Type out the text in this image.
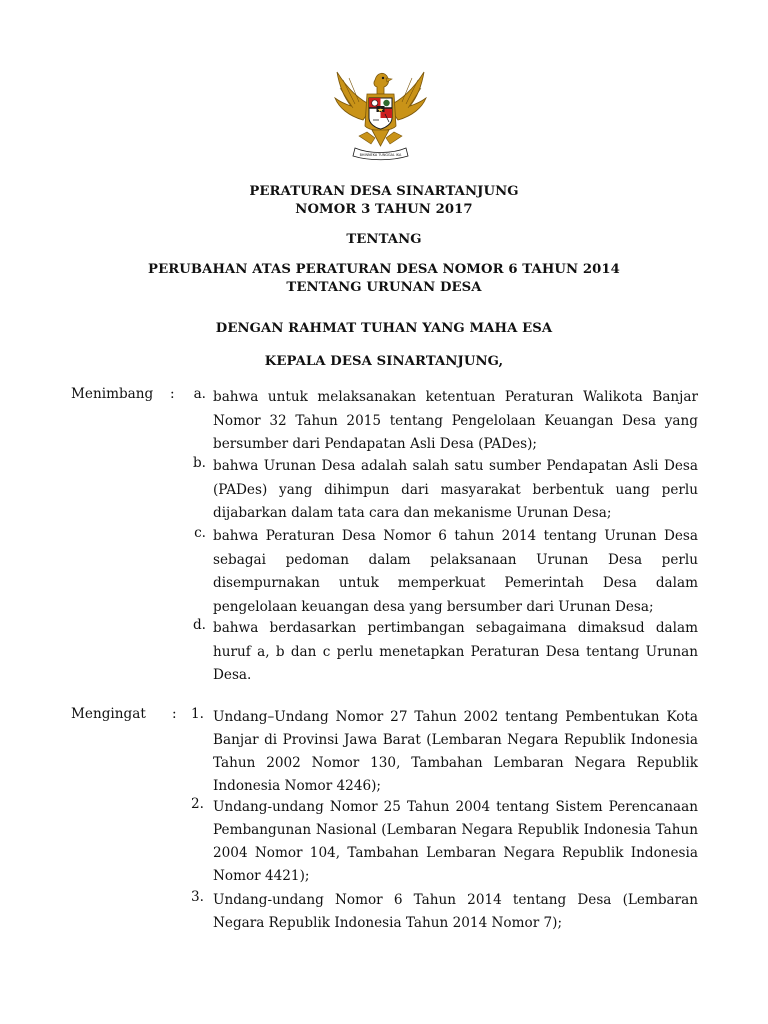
BHINNEKA TUNGGAL IKA
PERATURAN DESA SINARTANJUNG
NOMOR 3 TAHUN 2017
TENTANG
PERUBAHAN ATAS PERATURAN DESA NOMOR 6 TAHUN 2014
TENTANG URUNAN DESA
DENGAN RAHMAT TUHAN YANG MAHA ESA
KEPALA DESA SINARTANJUNG,
Menimbang :	a. bahwa untuk melaksanakan ketentuan Peraturan Walikota Banjar Nomor 32 Tahun 2015 tentang Pengelolaan Keuangan Desa yang bersumber dari Pendapatan Asli Desa (PADes);
b. bahwa Urunan Desa adalah salah satu sumber Pendapatan Asli Desa (PADes) yang dihimpun dari masyarakat berbentuk uang perlu dijabarkan dalam tata cara dan mekanisme Urunan Desa;
c. bahwa Peraturan Desa Nomor 6 tahun 2014 tentang Urunan Desa sebagai pedoman dalam pelaksanaan Urunan Desa perlu disempurnakan untuk memperkuat Pemerintah Desa dalam pengelolaan keuangan desa yang bersumber dari Urunan Desa;
d. bahwa berdasarkan pertimbangan sebagaimana dimaksud dalam huruf a, b dan c perlu menetapkan Peraturan Desa tentang Urunan Desa.
Mengingat :	1. Undang–Undang Nomor 27 Tahun 2002 tentang Pembentukan Kota Banjar di Provinsi Jawa Barat (Lembaran Negara Republik Indonesia Tahun 2002 Nomor 130, Tambahan Lembaran Negara Republik Indonesia Nomor 4246);
2. Undang-undang Nomor 25 Tahun 2004 tentang Sistem Perencanaan Pembangunan Nasional (Lembaran Negara Republik Indonesia Tahun 2004 Nomor 104, Tambahan Lembaran Negara Republik Indonesia Nomor 4421);
3. Undang-undang Nomor 6 Tahun 2014 tentang Desa (Lembaran Negara Republik Indonesia Tahun 2014 Nomor 7);
